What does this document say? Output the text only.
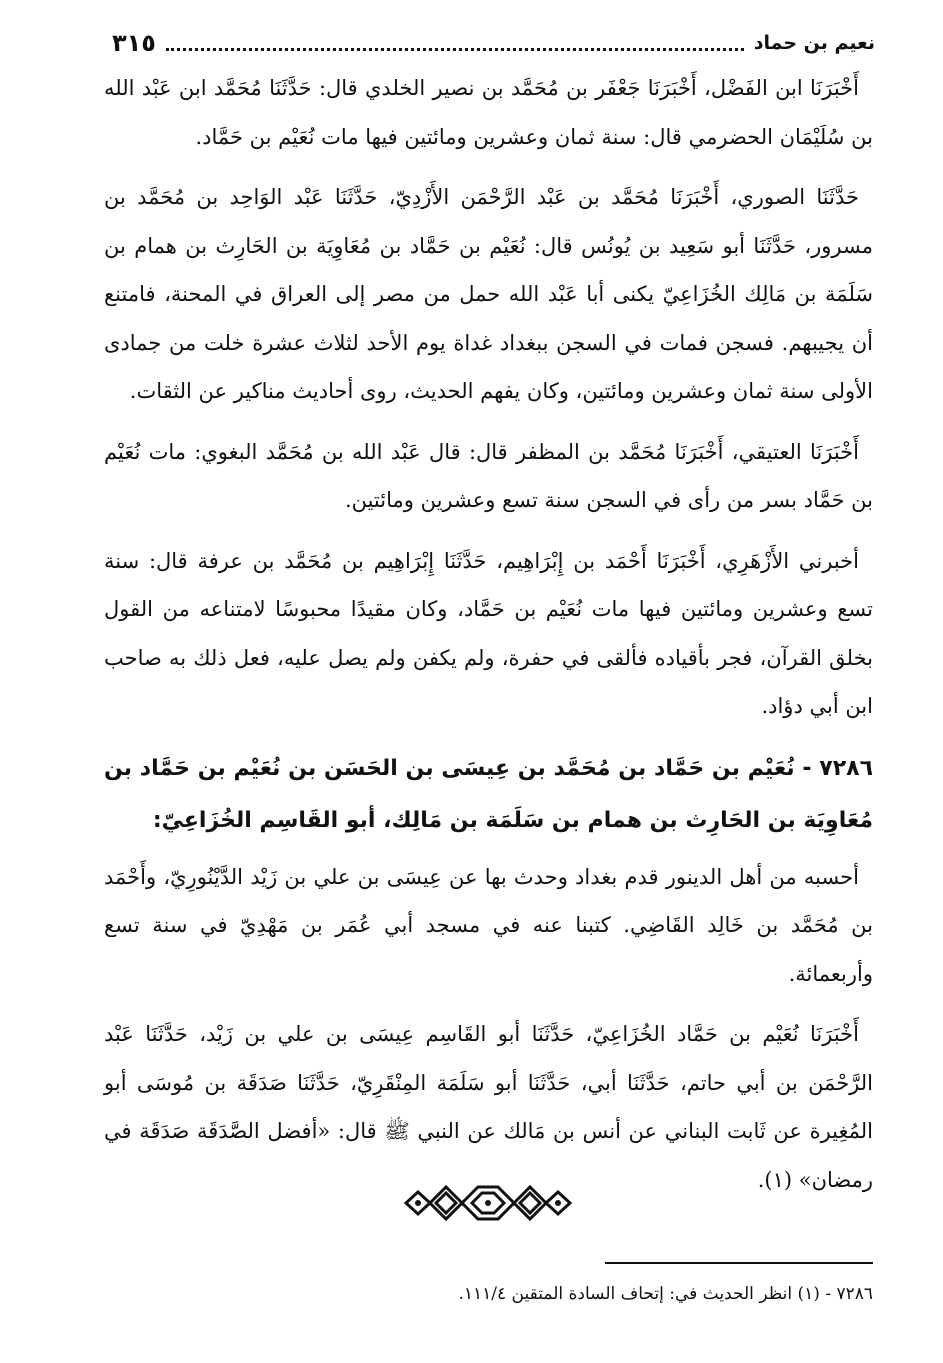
نعيم بن حماد
٣١٥

أَخْبَرَنَا ابن الفَضْل، أَخْبَرَنَا جَعْفَر بن مُحَمَّد بن نصير الخلدي قال: حَدَّثَنَا مُحَمَّد ابن عَبْد الله بن سُلَيْمَان الحضرمي قال: سنة ثمان وعشرين ومائتين فيها مات نُعَيْم بن حَمَّاد.

حَدَّثَنَا الصوري، أَخْبَرَنَا مُحَمَّد بن عَبْد الرَّحْمَن الأَزْدِيّ، حَدَّثَنَا عَبْد الوَاحِد بن مُحَمَّد بن مسرور، حَدَّثَنَا أبو سَعِيد بن يُونُس قال: نُعَيْم بن حَمَّاد بن مُعَاوِيَة بن الحَارِث بن همام بن سَلَمَة بن مَالِك الخُزَاعِيّ يكنى أبا عَبْد الله حمل من مصر إلى العراق في المحنة، فامتنع أن يجيبهم. فسجن فمات في السجن ببغداد غداة يوم الأحد لثلاث عشرة خلت من جمادى الأولى سنة ثمان وعشرين ومائتين، وكان يفهم الحديث، روى أحاديث مناكير عن الثقات.

أَخْبَرَنَا العتيقي، أَخْبَرَنَا مُحَمَّد بن المظفر قال: قال عَبْد الله بن مُحَمَّد البغوي: مات نُعَيْم بن حَمَّاد بسر من رأى في السجن سنة تسع وعشرين ومائتين.

أخبرني الأَزْهَرِي، أَخْبَرَنَا أَحْمَد بن إِبْرَاهِيم، حَدَّثَنَا إِبْرَاهِيم بن مُحَمَّد بن عرفة قال: سنة تسع وعشرين ومائتين فيها مات نُعَيْم بن حَمَّاد، وكان مقيدًا محبوسًا لامتناعه من القول بخلق القرآن، فجر بأقياده فألقى في حفرة، ولم يكفن ولم يصل عليه، فعل ذلك به صاحب ابن أبي دؤاد.

٧٢٨٦ - نُعَيْم بن حَمَّاد بن مُحَمَّد بن عِيسَى بن الحَسَن بن نُعَيْم بن حَمَّاد بن مُعَاوِيَة بن الحَارِث بن همام بن سَلَمَة بن مَالِك، أبو القَاسِم الخُزَاعِيّ:

أحسبه من أهل الدينور قدم بغداد وحدث بها عن عِيسَى بن علي بن زَيْد الدَّيْنُورِيّ، وأَحْمَد بن مُحَمَّد بن خَالِد القَاضِي. كتبنا عنه في مسجد أبي عُمَر بن مَهْدِيّ في سنة تسع وأربعمائة.

أَخْبَرَنَا نُعَيْم بن حَمَّاد الخُزَاعِيّ، حَدَّثَنَا أبو القَاسِم عِيسَى بن علي بن زَيْد، حَدَّثَنَا عَبْد الرَّحْمَن بن أبي حاتم، حَدَّثَنَا أبي، حَدَّثَنَا أبو سَلَمَة المِنْقَرِيّ، حَدَّثَنَا صَدَقَة بن مُوسَى أبو المُغِيرة عن ثَابت البناني عن أنس بن مَالك عن النبي ﷺ قال: «أفضل الصَّدَقَة صَدَقَة في رمضان» (١).

٧٢٨٦ - (١) انظر الحديث في: إتحاف السادة المتقين ١١١/٤.
